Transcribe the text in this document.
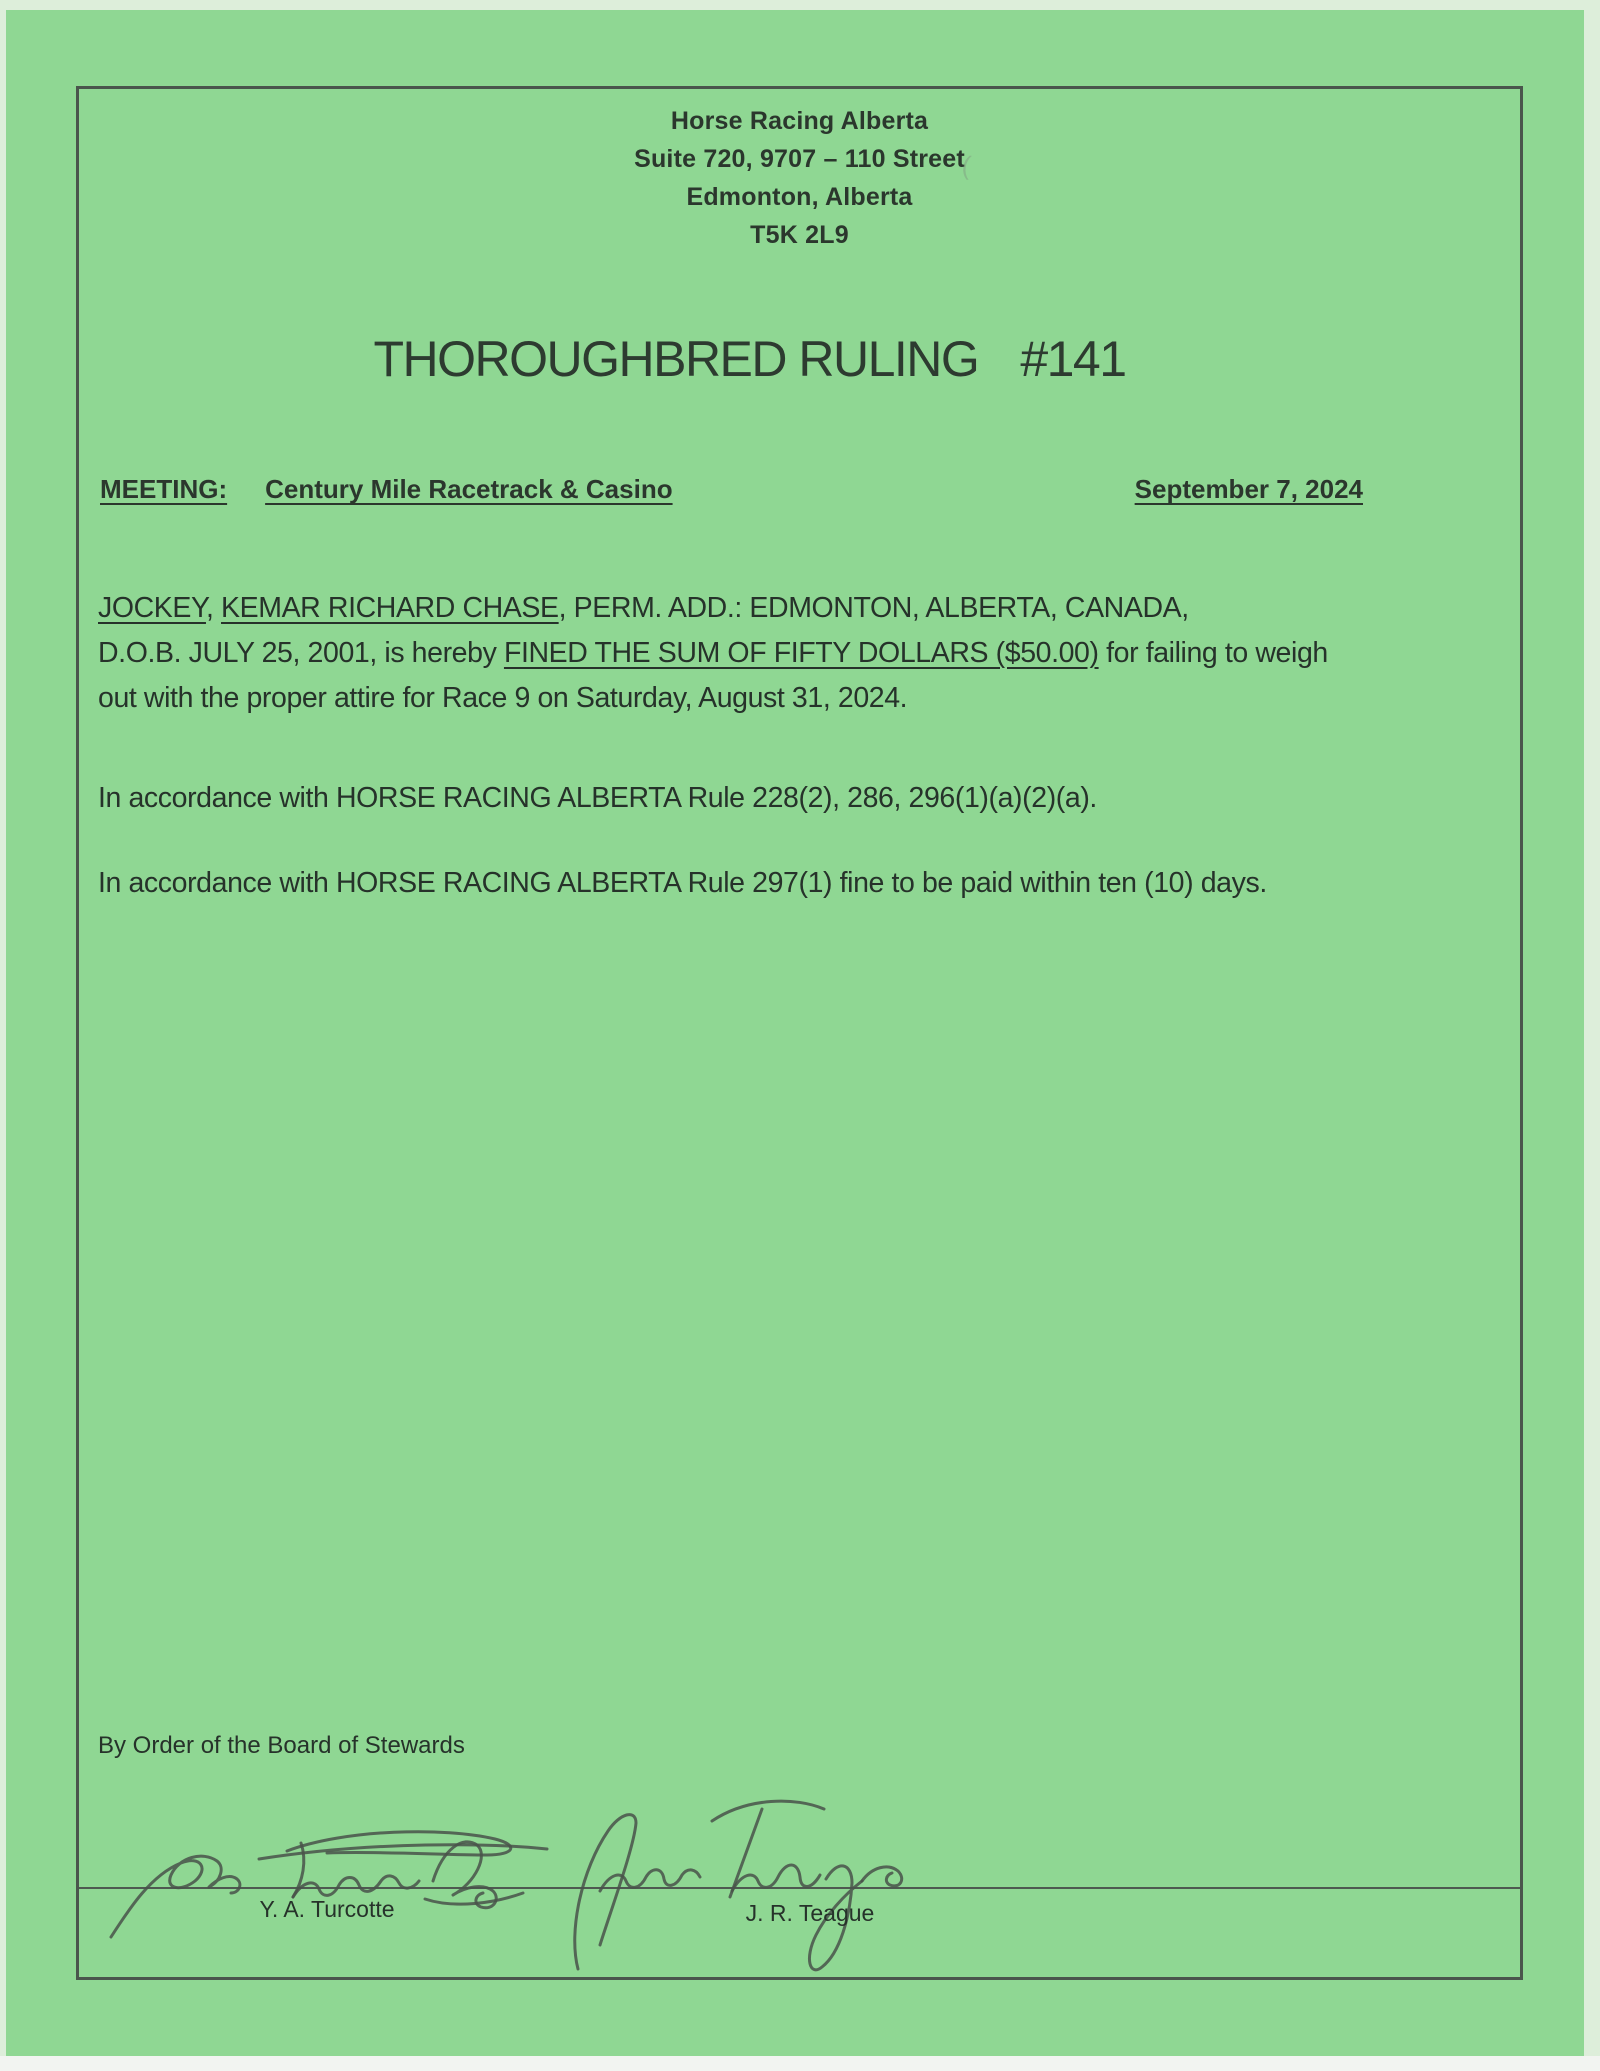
Horse Racing Alberta
Suite 720, 9707 – 110 Street
Edmonton, Alberta
T5K 2L9
(
THOROUGHBRED RULING #141
MEETING: Century Mile Racetrack & Casino	September 7, 2024
JOCKEY, KEMAR RICHARD CHASE, PERM. ADD.: EDMONTON, ALBERTA, CANADA,
D.O.B. JULY 25, 2001, is hereby FINED THE SUM OF FIFTY DOLLARS ($50.00) for failing to weigh
out with the proper attire for Race 9 on Saturday, August 31, 2024.
In accordance with HORSE RACING ALBERTA Rule 228(2), 286, 296(1)(a)(2)(a).
In accordance with HORSE RACING ALBERTA Rule 297(1) fine to be paid within ten (10) days.
By Order of the Board of Stewards
Y. A. Turcotte	J. R. Teague
